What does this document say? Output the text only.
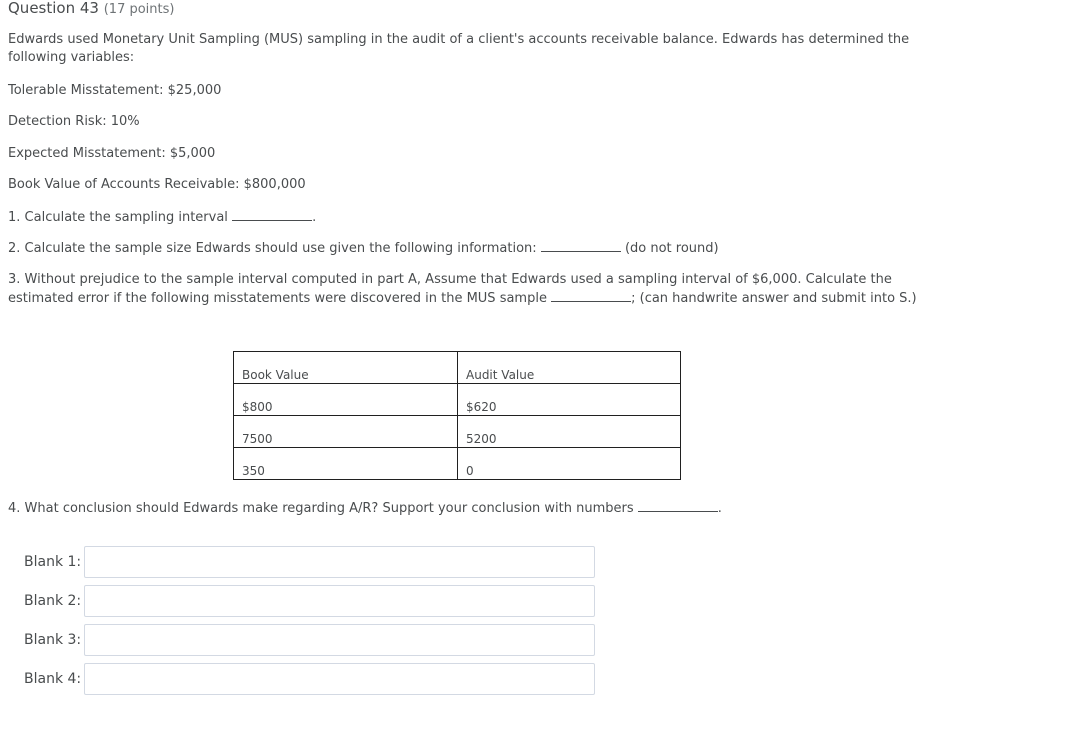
Question 43 (17 points)
Edwards used Monetary Unit Sampling (MUS) sampling in the audit of a client's accounts receivable balance. Edwards has determined the
following variables:
Tolerable Misstatement: $25,000
Detection Risk: 10%
Expected Misstatement: $5,000
Book Value of Accounts Receivable: $800,000
1. Calculate the sampling interval	.
2. Calculate the sample size Edwards should use given the following information:	(do not round)
3. Without prejudice to the sample interval computed in part A, Assume that Edwards used a sampling interval of $6,000. Calculate the
estimated error if the following misstatements were discovered in the MUS sample	; (can handwrite answer and submit into S.)
Book Value	Audit Value
$800	$620
7500	5200
350	0
4. What conclusion should Edwards make regarding A/R? Support your conclusion with numbers	.
Blank 1:
Blank 2:
Blank 3:
Blank 4:
